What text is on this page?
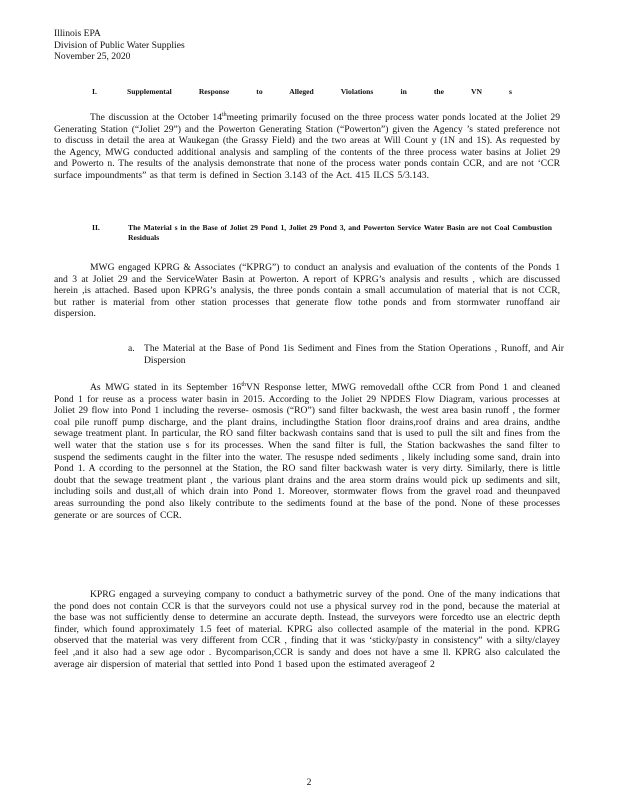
Illinois EPA
Division of Public Water Supplies
November 25, 2020
I.	Supplemental Response to Alleged Violations in the VN s

The discussion at the October 14thmeeting primarily focused on the three process water ponds located at the Joliet 29 Generating Station (“Joliet 29”) and the Powerton Generating Station (“Powerton”) given the Agency ’s stated preference not to discuss in detail the area at Waukegan (the Grassy Field) and the two areas at Will Count y (1N and 1S). As requested by the Agency, MWG conducted additional analysis and sampling of the contents of the three process water basins at Joliet 29 and Powerto n. The results of the analysis demonstrate that none of the process water ponds contain CCR, and are not ‘CCR surface impoundments” as that term is defined in Section 3.143 of the Act. 415 ILCS 5/3.143.

II.	The Material s in the Base of Joliet 29 Pond 1, Joliet 29 Pond 3, and Powerton Service Water Basin are not Coal Combustion Residuals

MWG engaged KPRG & Associates (“KPRG”) to conduct an analysis and evaluation of the contents of the Ponds 1 and 3 at Joliet 29 and the ServiceWater Basin at Powerton. A report of KPRG’s analysis and results , which are discussed herein ,is attached. Based upon KPRG’s analysis, the three ponds contain a small accumulation of material that is not CCR, but rather is material from other station processes that generate flow tothe ponds and from stormwater runoffand air dispersion.

a. The Material at the Base of Pond 1is Sediment and Fines from the Station Operations , Runoff, and Air Dispersion

As MWG stated in its September 16thVN Response letter, MWG removedall ofthe CCR from Pond 1 and cleaned Pond 1 for reuse as a process water basin in 2015. According to the Joliet 29 NPDES Flow Diagram, various processes at Joliet 29 flow into Pond 1 including the reverse- osmosis (“RO”) sand filter backwash, the west area basin runoff , the former coal pile runoff pump discharge, and the plant drains, includingthe Station floor drains,roof drains and area drains, andthe sewage treatment plant. In particular, the RO sand filter backwash contains sand that is used to pull the silt and fines from the well water that the station use s for its processes. When the sand filter is full, the Station backwashes the sand filter to suspend the sediments caught in the filter into the water. The resuspe nded sediments , likely including some sand, drain into Pond 1. A ccording to the personnel at the Station, the RO sand filter backwash water is very dirty. Similarly, there is little doubt that the sewage treatment plant , the various plant drains and the area storm drains would pick up sediments and silt, including soils and dust,all of which drain into Pond 1. Moreover, stormwater flows from the gravel road and theunpaved areas surrounding the pond also likely contribute to the sediments found at the base of the pond. None of these processes generate or are sources of CCR.

KPRG engaged a surveying company to conduct a bathymetric survey of the pond. One of the many indications that the pond does not contain CCR is that the surveyors could not use a physical survey rod in the pond, because the material at the base was not sufficiently dense to determine an accurate depth. Instead, the surveyors were forcedto use an electric depth finder, which found approximately 1.5 feet of material. KPRG also collected asample of the material in the pond. KPRG observed that the material was very different from CCR , finding that it was ‘sticky/pasty in consistency” with a silty/clayey feel ,and it also had a sew age odor . Bycomparison,CCR is sandy and does not have a sme ll. KPRG also calculated the average air dispersion of material that settled into Pond 1 based upon the estimated averageof 2

2
